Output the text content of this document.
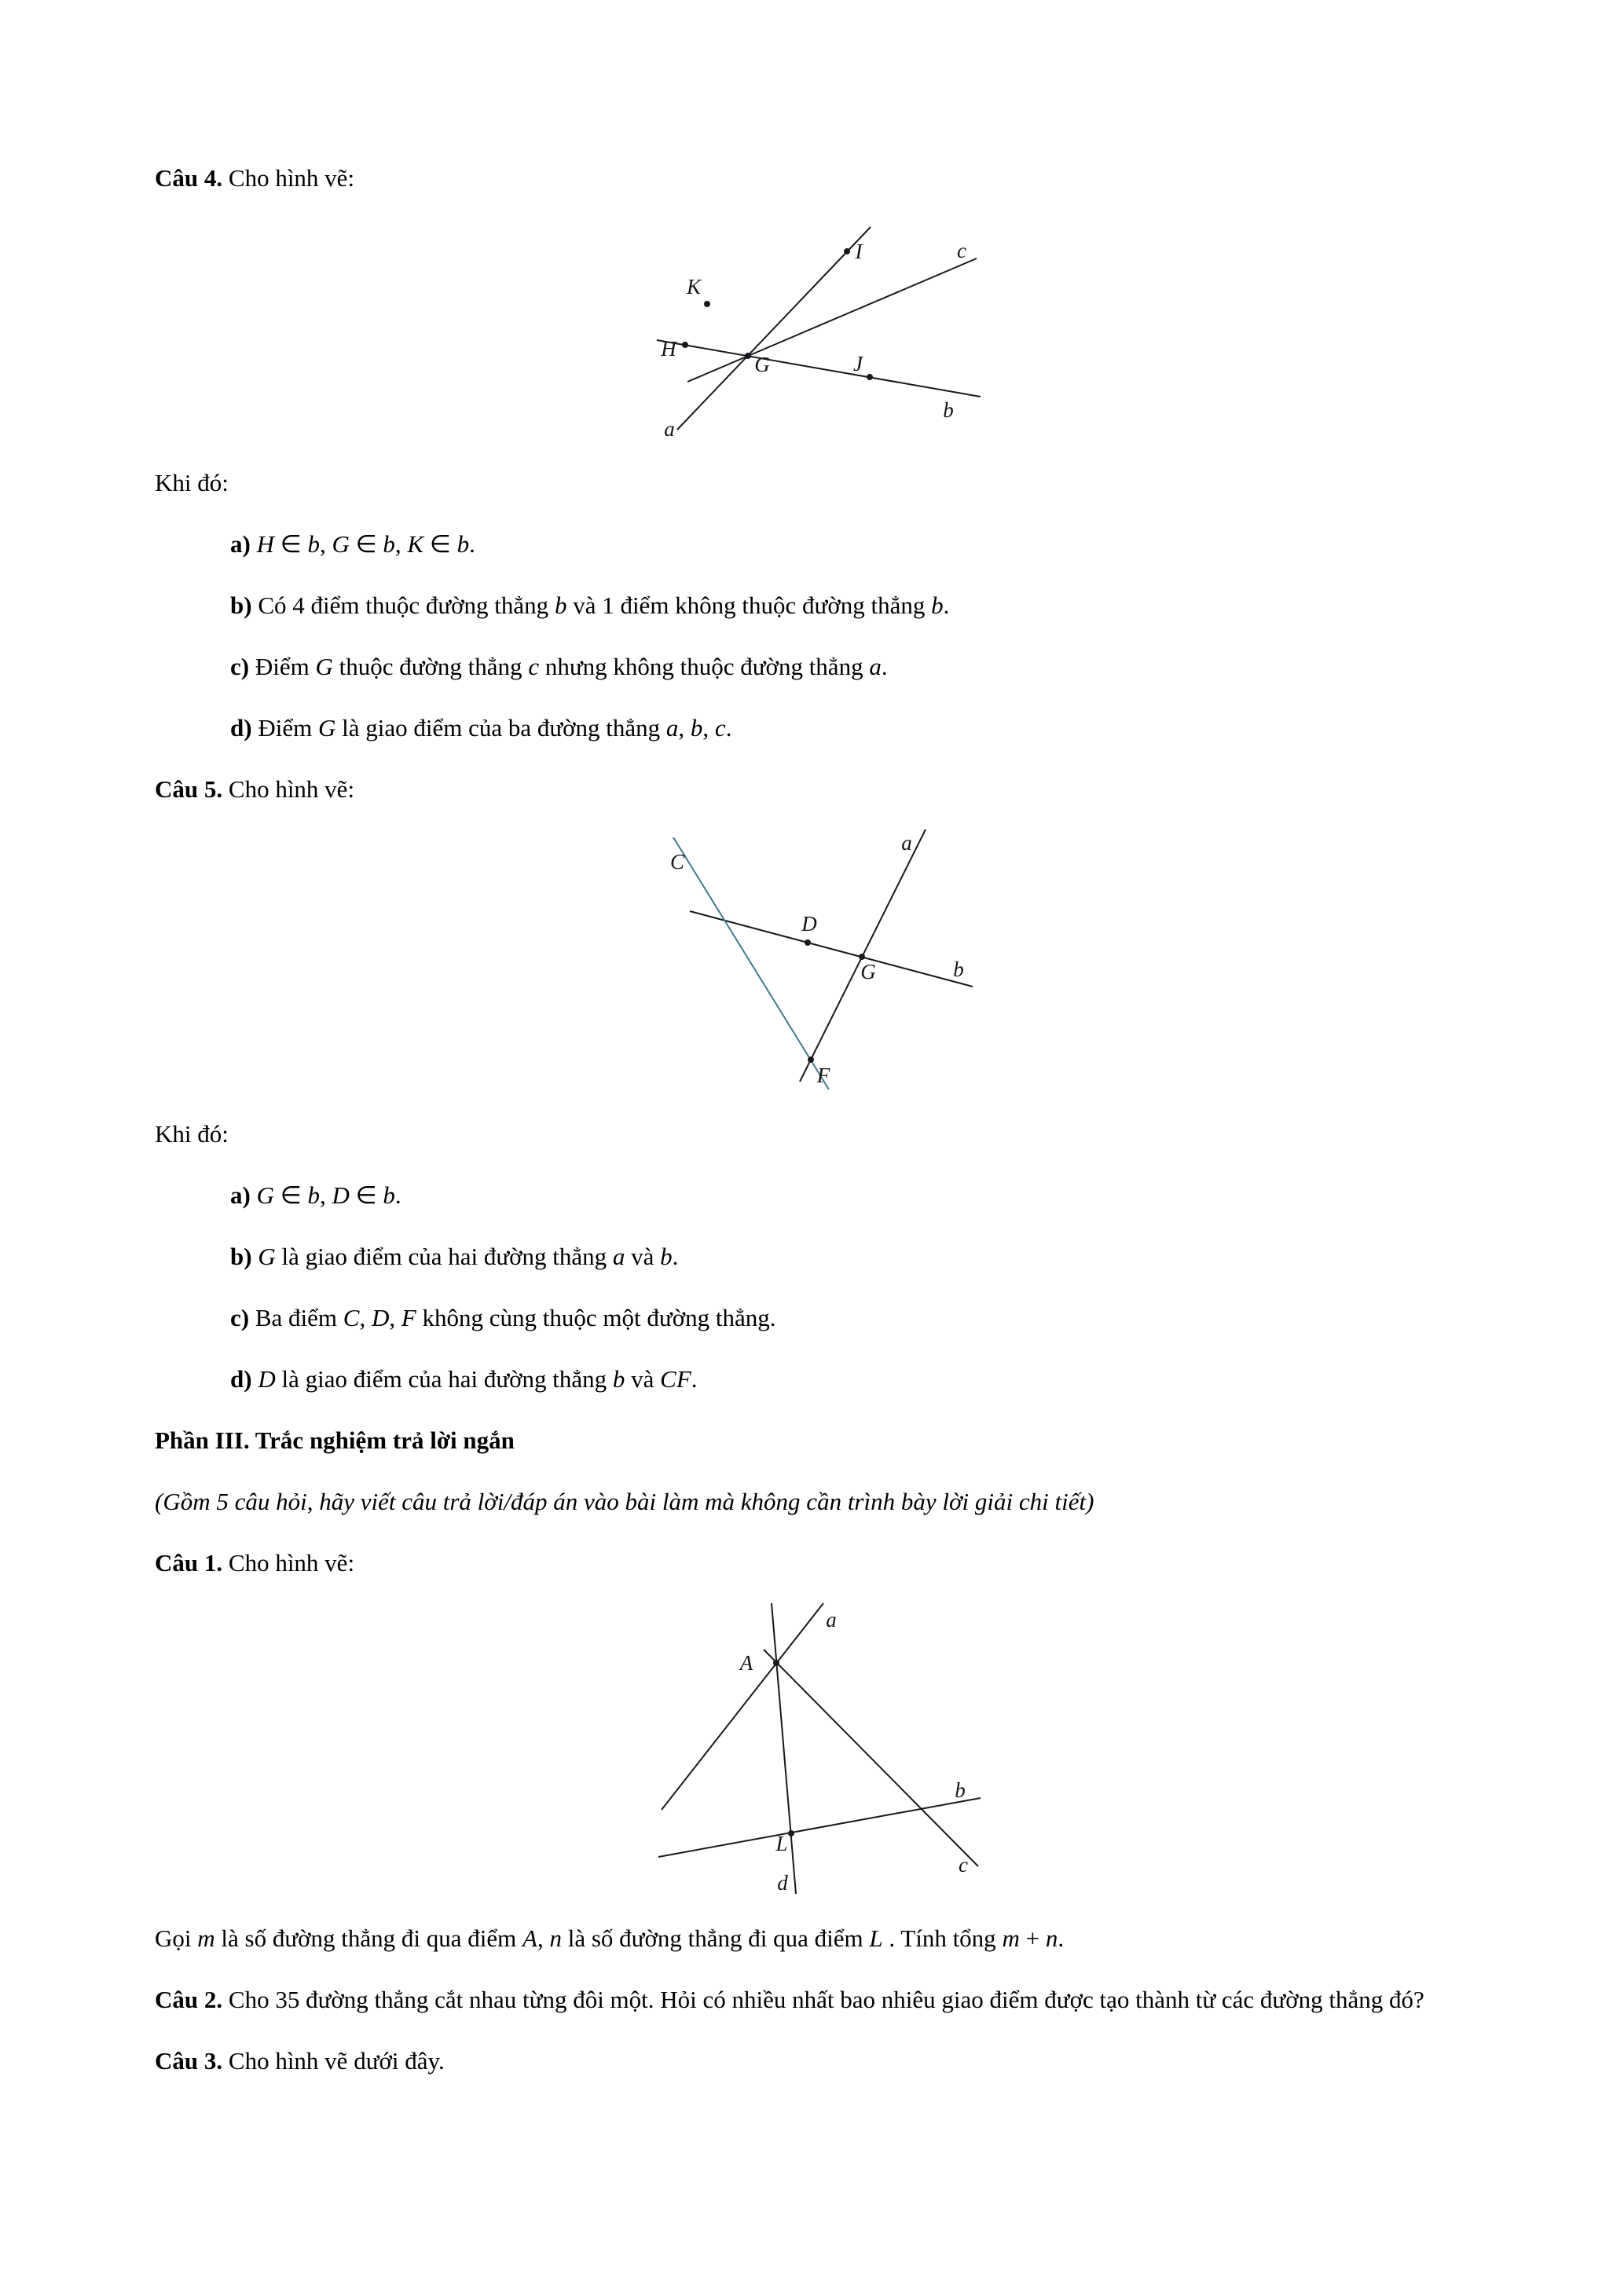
Câu 4. Cho hình vẽ:

K
H
G
I
J
a
b
c

Khi đó:

a) H ∈ b, G ∈ b, K ∈ b.

b) Có 4 điểm thuộc đường thẳng b và 1 điểm không thuộc đường thẳng b.

c) Điểm G thuộc đường thẳng c nhưng không thuộc đường thẳng a.

d) Điểm G là giao điểm của ba đường thẳng a, b, c.

Câu 5. Cho hình vẽ:

C
a
D
b
G
F

Khi đó:

a) G ∈ b, D ∈ b.

b) G là giao điểm của hai đường thẳng a và b.

c) Ba điểm C, D, F không cùng thuộc một đường thẳng.

d) D là giao điểm của hai đường thẳng b và CF.

Phần III. Trắc nghiệm trả lời ngắn

(Gồm 5 câu hỏi, hãy viết câu trả lời/đáp án vào bài làm mà không cần trình bày lời giải chi tiết)

Câu 1. Cho hình vẽ:

A
a
L
b
c
d

Gọi m là số đường thẳng đi qua điểm A, n là số đường thẳng đi qua điểm L . Tính tổng m + n.

Câu 2. Cho 35 đường thẳng cắt nhau từng đôi một. Hỏi có nhiều nhất bao nhiêu giao điểm được tạo thành từ các đường thẳng đó?

Câu 3. Cho hình vẽ dưới đây.
